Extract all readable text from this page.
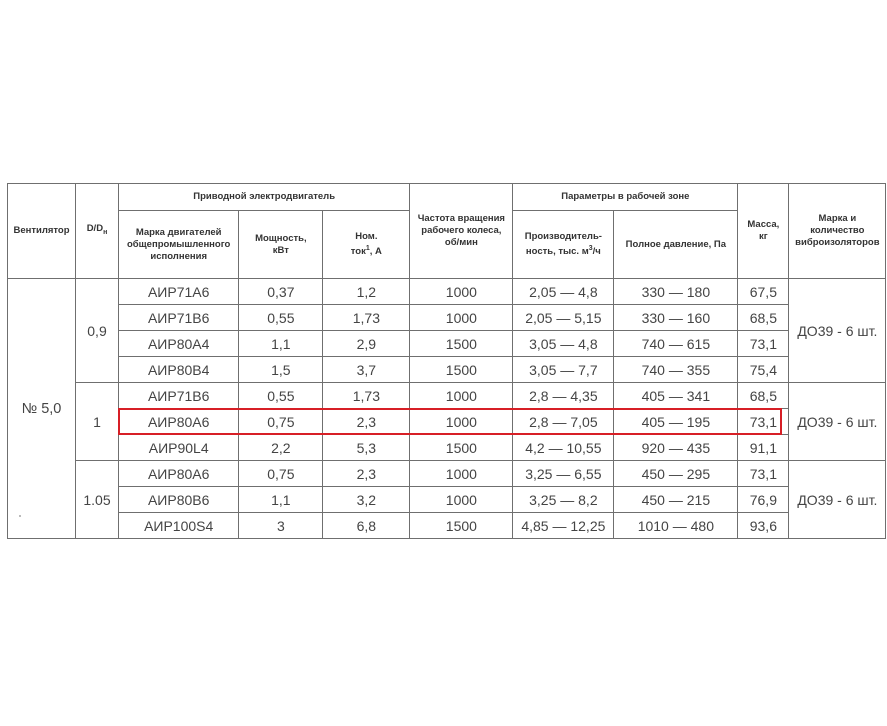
Вентилятор	$D/D_н$	Приводной электродвигатель			Частота вращения рабочего колеса, об/мин	Параметры в рабочей зоне		Масса, кг	Марка и количество виброизоляторов

		Марка двигателей общепромышленного исполнения	Мощность, кВт	Ном. ток$^1$, А		Производитель-ность, тыс. $м^3/ч$	Полное давление, Па		

№ 5,0	0,9	АИР71А6	0,37	1,2	1000	2,05 — 4,8	330 — 180	67,5	ДО39 - 6 шт.
		АИР71В6	0,55	1,73	1000	2,05 — 5,15	330 — 160	68,5	
		АИР80А4	1,1	2,9	1500	3,05 — 4,8	740 — 615	73,1	
		АИР80В4	1,5	3,7	1500	3,05 — 7,7	740 — 355	75,4	
	1	АИР71В6	0,55	1,73	1000	2,8 — 4,35	405 — 341	68,5	ДО39 - 6 шт.
		АИР80А6	0,75	2,3	1000	2,8 — 7,05	405 — 195	73,1	
		АИР90L4	2,2	5,3	1500	4,2 — 10,55	920 — 435	91,1	
	1.05	АИР80А6	0,75	2,3	1000	3,25 — 6,55	450 — 295	73,1	ДО39 - 6 шт.
		АИР80В6	1,1	3,2	1000	3,25 — 8,2	450 — 215	76,9	
		АИР100S4	3	6,8	1500	4,85 — 12,25	1010 — 480	93,6	
